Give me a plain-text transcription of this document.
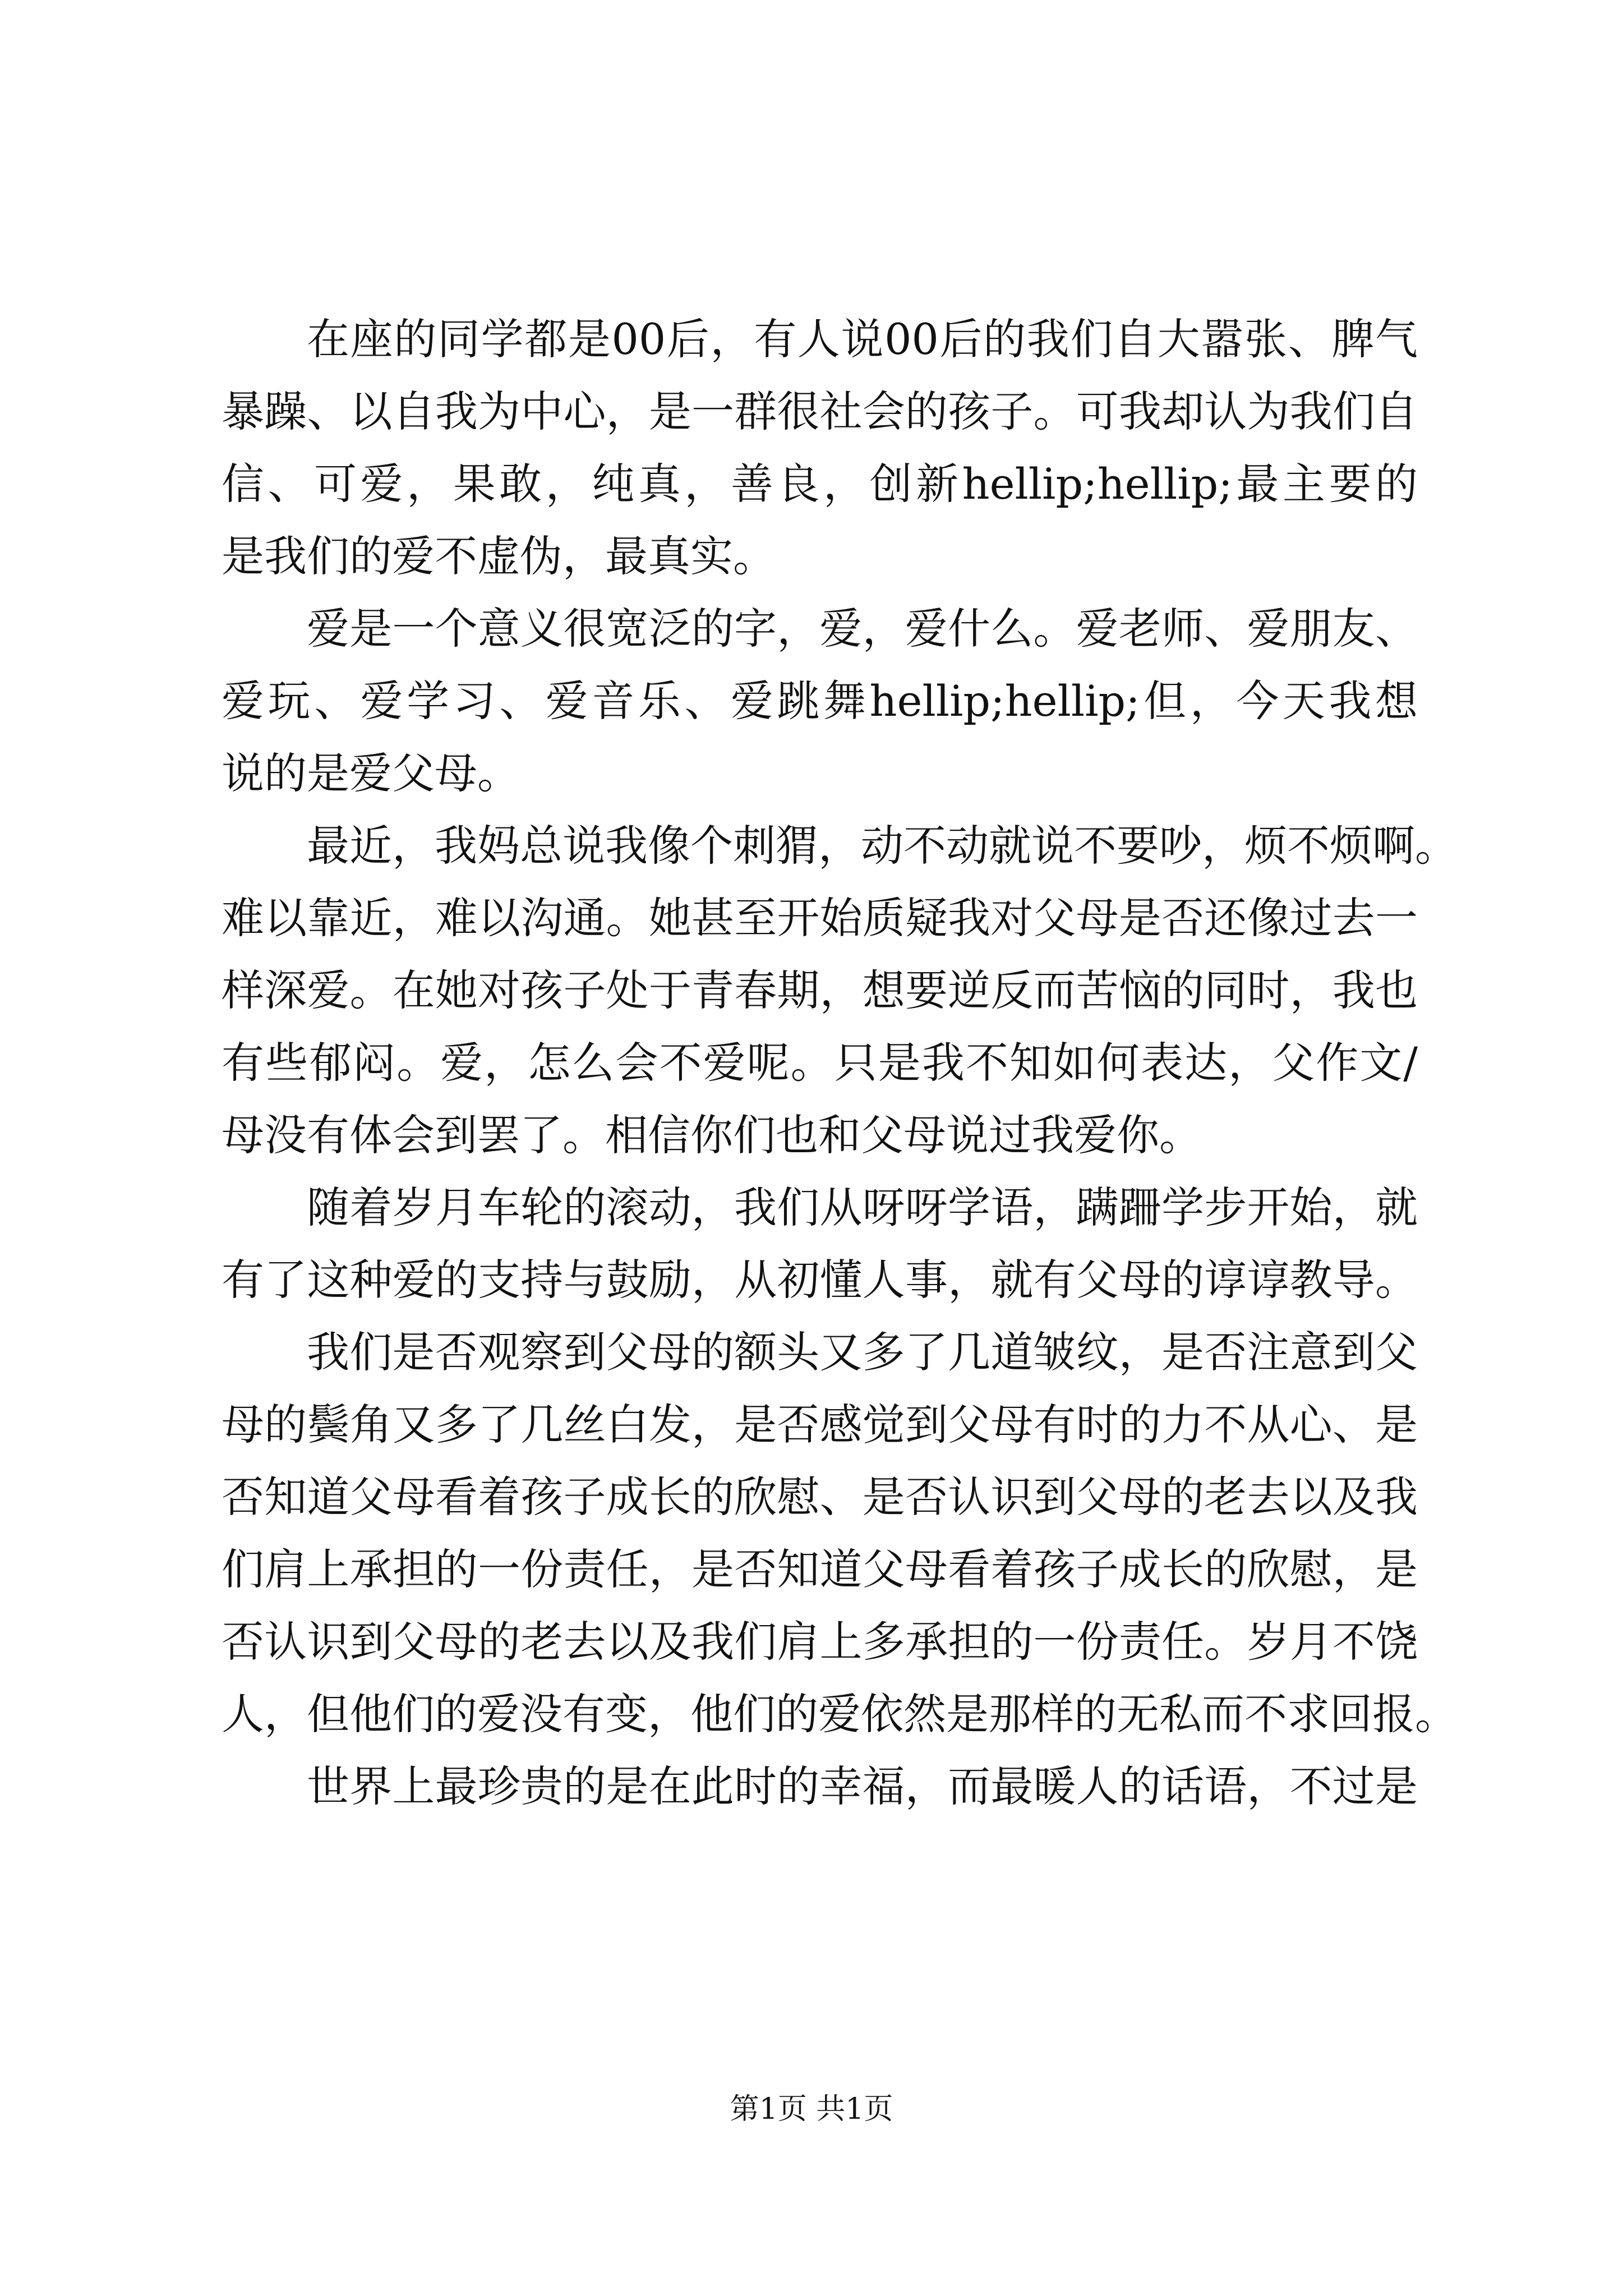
在座的同学都是00后，有人说00后的我们自大嚣张、脾气
暴躁、以自我为中心，是一群很社会的孩子。可我却认为我们自
信、可爱，果敢，纯真，善良，创新hellip;hellip;最主要的
是我们的爱不虚伪，最真实。
爱是一个意义很宽泛的字，爱，爱什么。爱老师、爱朋友、
爱玩、爱学习、爱音乐、爱跳舞hellip;hellip;但，今天我想
说的是爱父母。
最近，我妈总说我像个刺猬，动不动就说不要吵，烦不烦啊。
难以靠近，难以沟通。她甚至开始质疑我对父母是否还像过去一
样深爱。在她对孩子处于青春期，想要逆反而苦恼的同时，我也
有些郁闷。爱，怎么会不爱呢。只是我不知如何表达，父作文/
母没有体会到罢了。相信你们也和父母说过我爱你。
随着岁月车轮的滚动，我们从呀呀学语，蹒跚学步开始，就
有了这种爱的支持与鼓励，从初懂人事，就有父母的谆谆教导。
我们是否观察到父母的额头又多了几道皱纹，是否注意到父
母的鬓角又多了几丝白发，是否感觉到父母有时的力不从心、是
否知道父母看着孩子成长的欣慰、是否认识到父母的老去以及我
们肩上承担的一份责任，是否知道父母看着孩子成长的欣慰，是
否认识到父母的老去以及我们肩上多承担的一份责任。岁月不饶
人，但他们的爱没有变，他们的爱依然是那样的无私而不求回报。
世界上最珍贵的是在此时的幸福，而最暖人的话语，不过是
第1页 共1页
